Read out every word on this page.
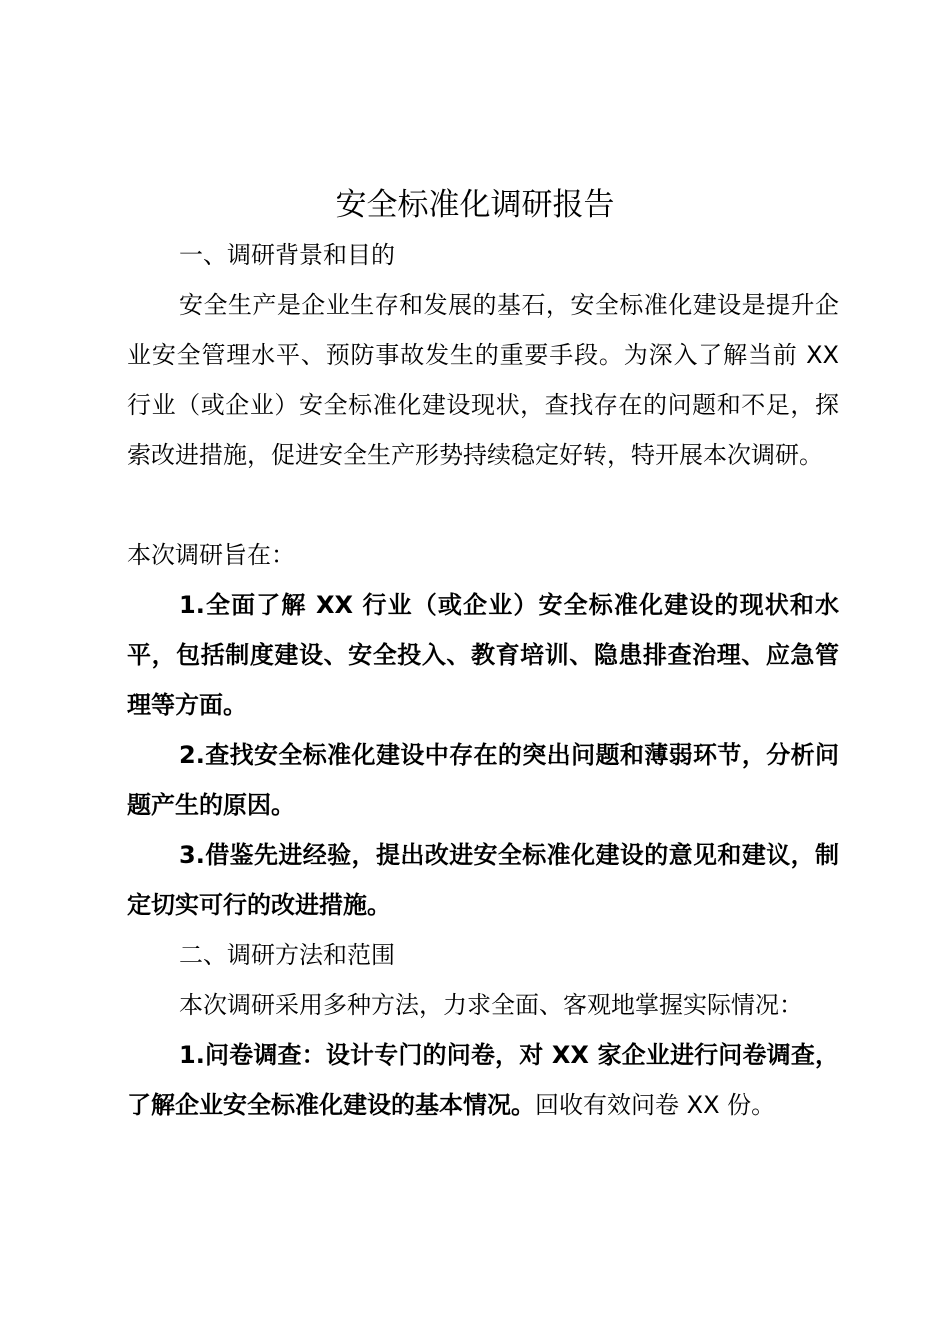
安全标准化调研报告

一、调研背景和目的

安全生产是企业生存和发展的基石，安全标准化建设是提升企业安全管理水平、预防事故发生的重要手段。为深入了解当前 XX 行业（或企业）安全标准化建设现状，查找存在的问题和不足，探索改进措施，促进安全生产形势持续稳定好转，特开展本次调研。

本次调研旨在：

1.全面了解 XX 行业（或企业）安全标准化建设的现状和水平，包括制度建设、安全投入、教育培训、隐患排查治理、应急管理等方面。

2.查找安全标准化建设中存在的突出问题和薄弱环节，分析问题产生的原因。

3.借鉴先进经验，提出改进安全标准化建设的意见和建议，制定切实可行的改进措施。

二、调研方法和范围

本次调研采用多种方法，力求全面、客观地掌握实际情况：

1.问卷调查：设计专门的问卷，对 XX 家企业进行问卷调查，了解企业安全标准化建设的基本情况。回收有效问卷 XX 份。
